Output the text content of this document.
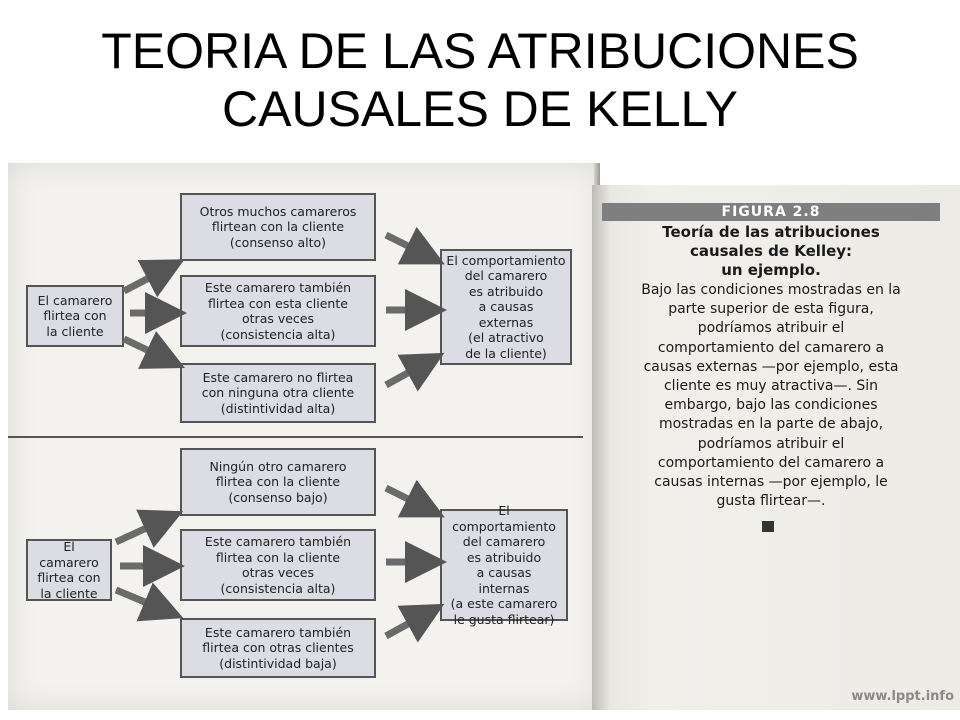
TEORIA DE LAS ATRIBUCIONES
CAUSALES DE KELLY
El camarero
flirtea con
la cliente
Otros muchos camareros
flirtean con la cliente
(consenso alto)
Este camarero también
flirtea con esta cliente
otras veces
(consistencia alta)
Este camarero no flirtea
con ninguna otra cliente
(distintividad alta)
El comportamiento
del camarero
es atribuido
a causas
externas
(el atractivo
de la cliente)
El camarero
flirtea con
la cliente
Ningún otro camarero
flirtea con la cliente
(consenso bajo)
Este camarero también
flirtea con la cliente
otras veces
(consistencia alta)
Este camarero también
flirtea con otras clientes
(distintividad baja)
El comportamiento
del camarero
es atribuido
a causas
internas
(a este camarero
le gusta flirtear)
FIGURA 2.8
Teoría de las atribuciones
causales de Kelley:
un ejemplo.
Bajo las condiciones mostradas en la
parte superior de esta figura,
podríamos atribuir el
comportamiento del camarero a
causas externas —por ejemplo, esta
cliente es muy atractiva—. Sin
embargo, bajo las condiciones
mostradas en la parte de abajo,
podríamos atribuir el
comportamiento del camarero a
causas internas —por ejemplo, le
gusta flirtear—.
www.lppt.info
